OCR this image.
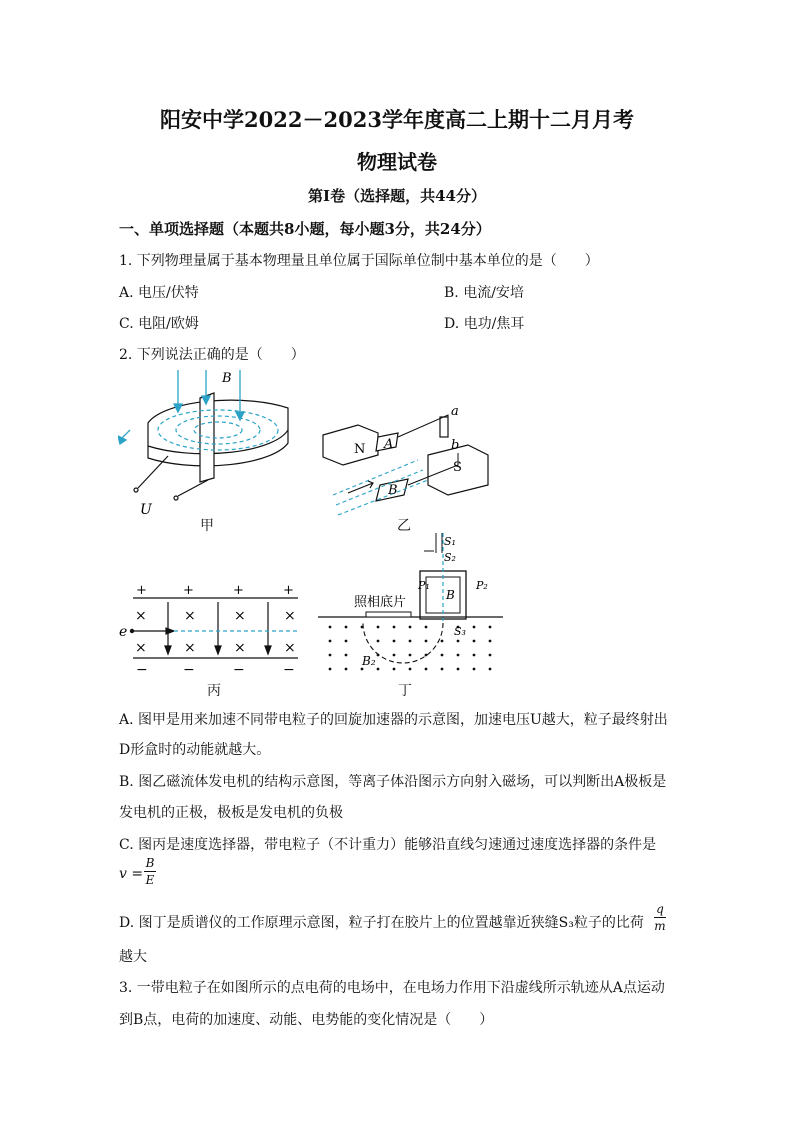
阳安中学2022－2023学年度高二上期十二月月考
物理试卷
第I卷（选择题，共44分）
一、单项选择题（本题共8小题，每小题3分，共24分）
1. 下列物理量属于基本物理量且单位属于国际单位制中基本单位的是（　　）
A. 电压/伏特	B. 电流/安培
C. 电阻/欧姆	D. 电功/焦耳
2. 下列说法正确的是（　　）
B
U
甲
N
S
A
B
a
b
乙
+	+	+	+
−	−	−	−
×	×	×	×
×	×	×	×
e
丙
S₁
S₂
S₃
P₁	P₂
B
B₂
照相底片
丁
A. 图甲是用来加速不同带电粒子的回旋加速器的示意图，加速电压U越大，粒子最终射出
D形盒时的动能就越大。
B. 图乙磁流体发电机的结构示意图，等离子体沿图示方向射入磁场，可以判断出A极板是
发电机的正极，极板是发电机的负极
C. 图丙是速度选择器，带电粒子（不计重力）能够沿直线匀速通过速度选择器的条件是
v =
B
E
D. 图丁是质谱仪的工作原理示意图，粒子打在胶片上的位置越靠近狭缝S₃粒子的比荷
q
m
越大
3. 一带电粒子在如图所示的点电荷的电场中，在电场力作用下沿虚线所示轨迹从A点运动
到B点，电荷的加速度、动能、电势能的变化情况是（　　）
